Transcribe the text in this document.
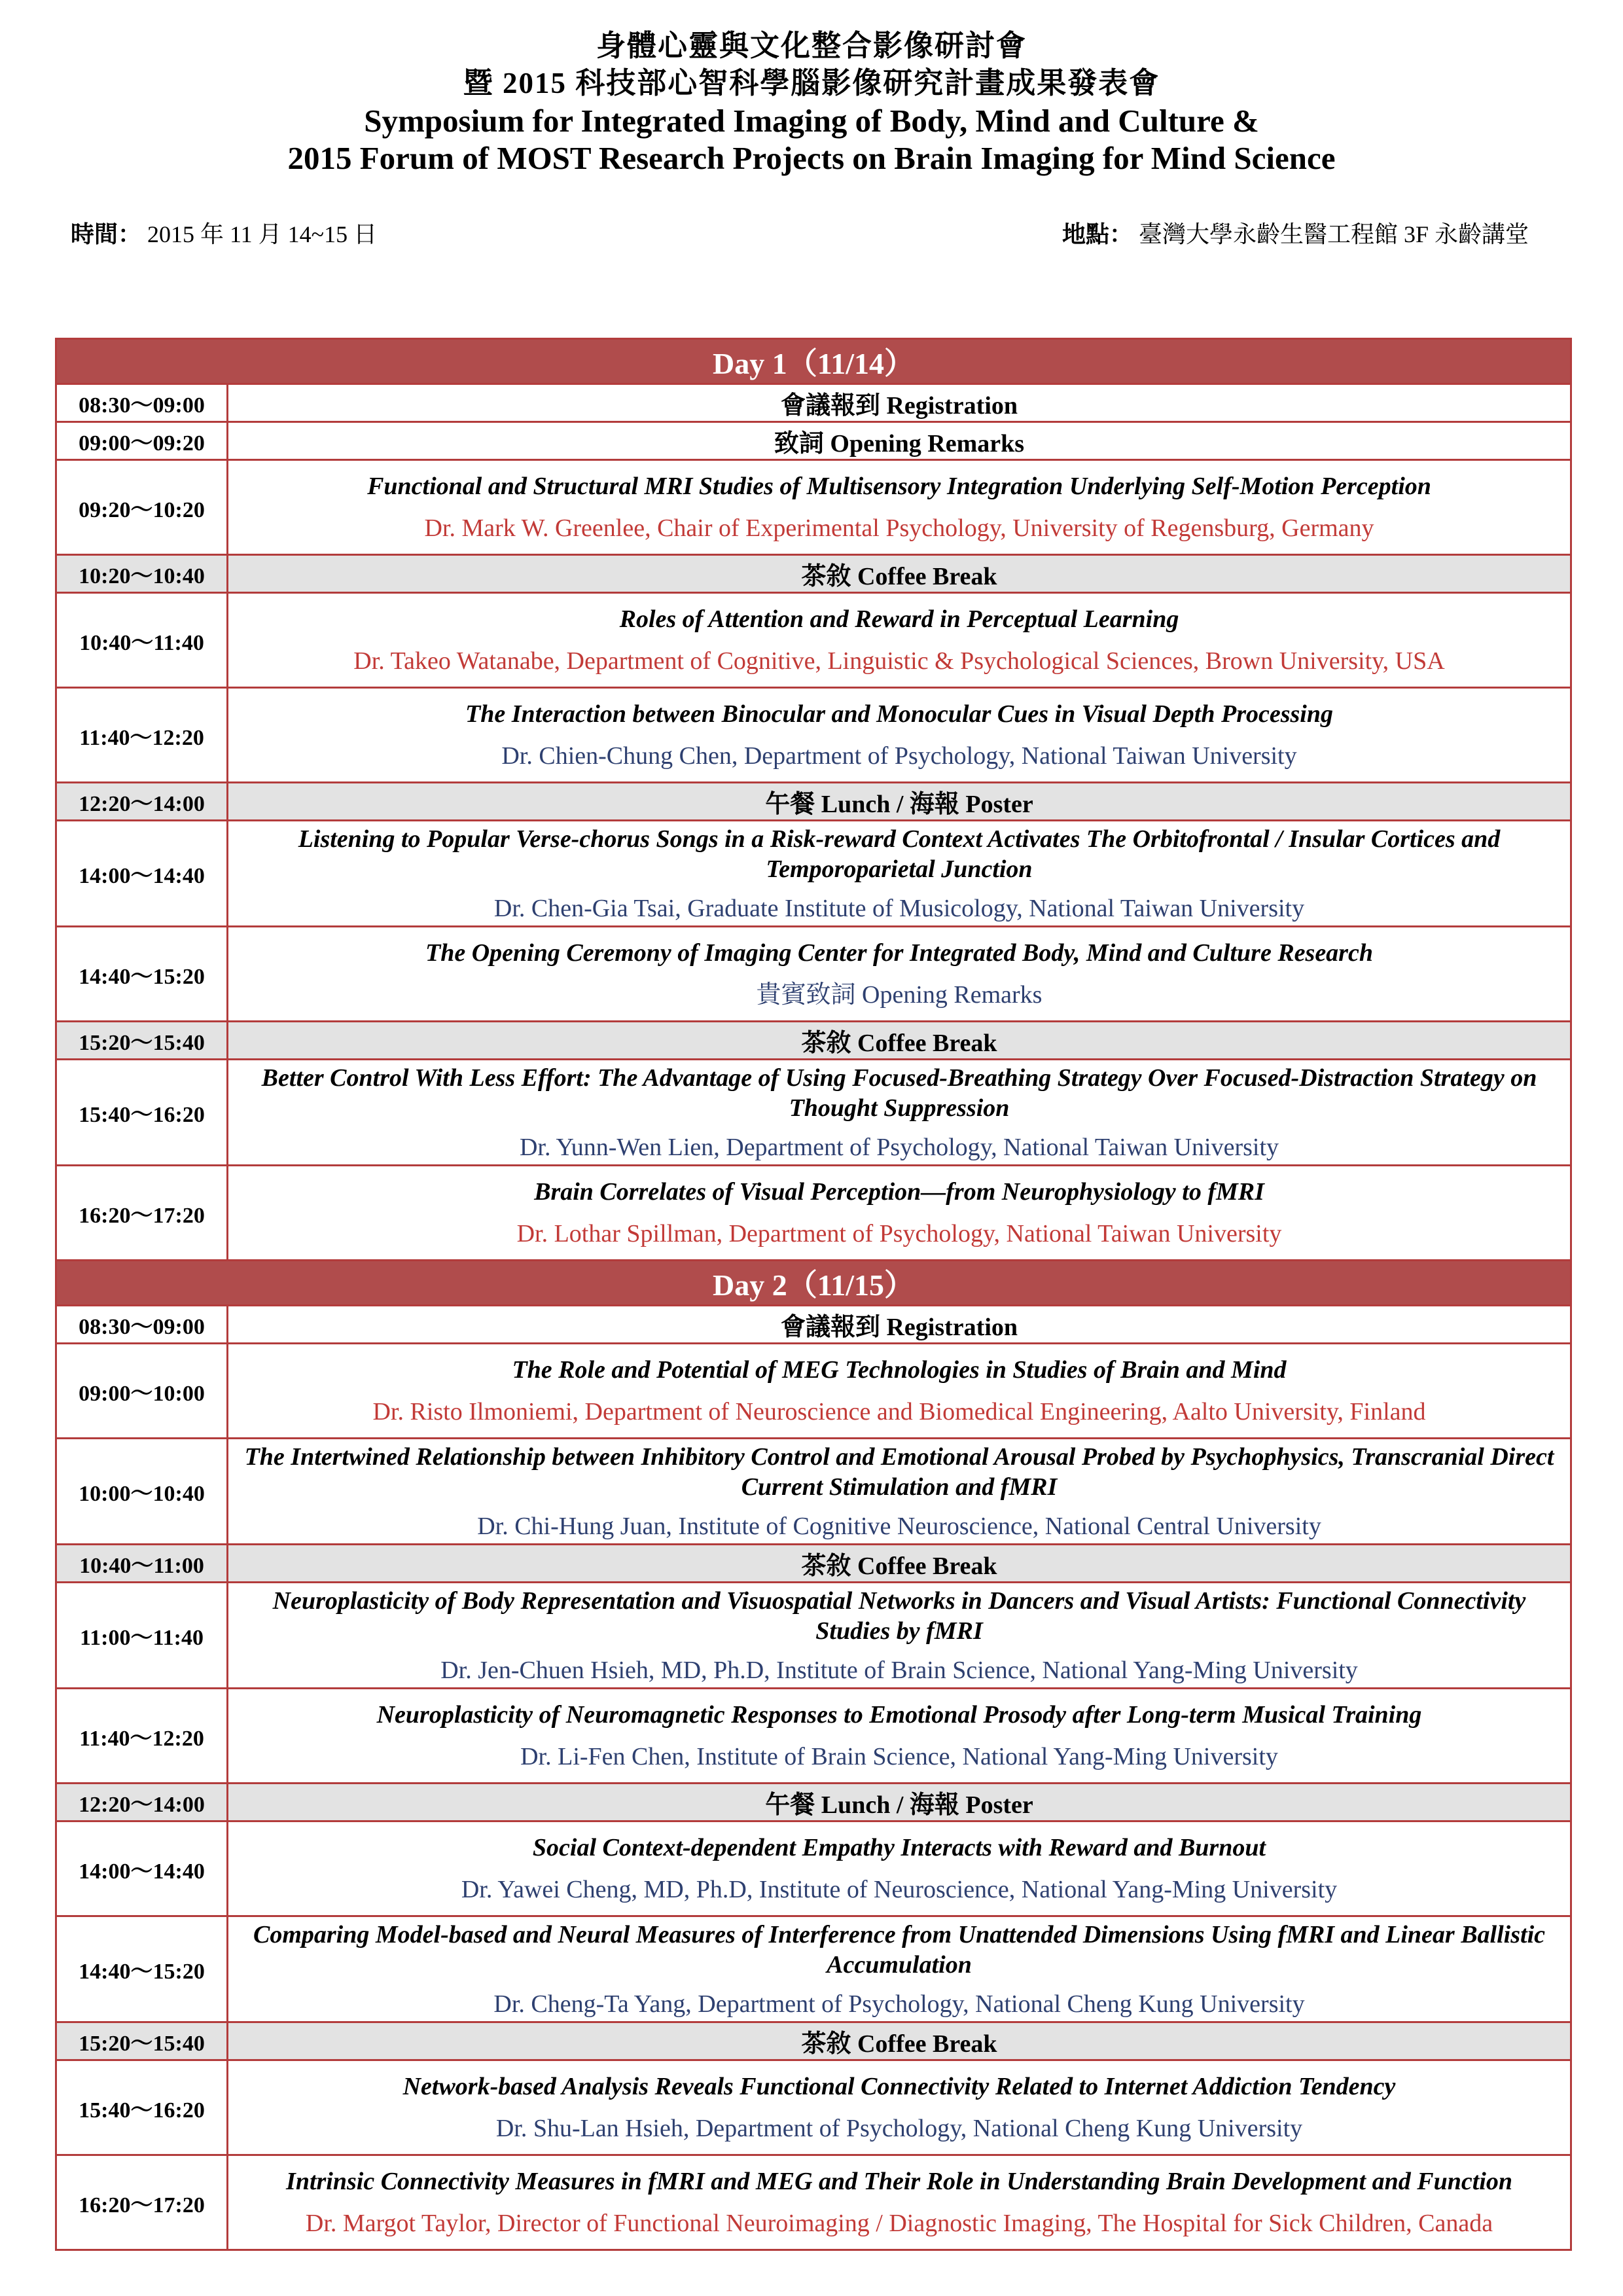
身體心靈與文化整合影像研討會
暨 2015 科技部心智科學腦影像研究計畫成果發表會
Symposium for Integrated Imaging of Body, Mind and Culture &
2015 Forum of MOST Research Projects on Brain Imaging for Mind Science
時間： 2015 年 11 月 14~15 日	地點： 臺灣大學永齡生醫工程館 3F 永齡講堂
Day 1（11/14）	
08:30～09:00	會議報到 Registration
09:00～09:20	致詞 Opening Remarks
09:20～10:20	Functional and Structural MRI Studies of Multisensory Integration Underlying Self-Motion Perception
Dr. Mark W. Greenlee, Chair of Experimental Psychology, University of Regensburg, Germany

10:20～10:40	茶敘 Coffee Break
10:40～11:40	Roles of Attention and Reward in Perceptual Learning
Dr. Takeo Watanabe, Department of Cognitive, Linguistic & Psychological Sciences, Brown University, USA

11:40～12:20	The Interaction between Binocular and Monocular Cues in Visual Depth Processing
Dr. Chien-Chung Chen, Department of Psychology, National Taiwan University

12:20～14:00	午餐 Lunch / 海報 Poster
14:00～14:40	Listening to Popular Verse-chorus Songs in a Risk-reward Context Activates The Orbitofrontal / Insular Cortices and Temporoparietal Junction
Dr. Chen-Gia Tsai, Graduate Institute of Musicology, National Taiwan University

14:40～15:20	The Opening Ceremony of Imaging Center for Integrated Body, Mind and Culture Research
貴賓致詞 Opening Remarks

15:20～15:40	茶敘 Coffee Break
15:40～16:20	Better Control With Less Effort: The Advantage of Using Focused-Breathing Strategy Over Focused-Distraction Strategy on Thought Suppression
Dr. Yunn-Wen Lien, Department of Psychology, National Taiwan University

16:20～17:20	Brain Correlates of Visual Perception—from Neurophysiology to fMRI
Dr. Lothar Spillman, Department of Psychology, National Taiwan University

Day 2（11/15）	
08:30～09:00	會議報到 Registration
09:00～10:00	The Role and Potential of MEG Technologies in Studies of Brain and Mind
Dr. Risto Ilmoniemi, Department of Neuroscience and Biomedical Engineering, Aalto University, Finland

10:00～10:40	The Intertwined Relationship between Inhibitory Control and Emotional Arousal Probed by Psychophysics, Transcranial Direct Current Stimulation and fMRI
Dr. Chi-Hung Juan, Institute of Cognitive Neuroscience, National Central University

10:40～11:00	茶敘 Coffee Break
11:00～11:40	Neuroplasticity of Body Representation and Visuospatial Networks in Dancers and Visual Artists: Functional Connectivity Studies by fMRI
Dr. Jen-Chuen Hsieh, MD, Ph.D, Institute of Brain Science, National Yang-Ming University

11:40～12:20	Neuroplasticity of Neuromagnetic Responses to Emotional Prosody after Long-term Musical Training
Dr. Li-Fen Chen, Institute of Brain Science, National Yang-Ming University

12:20～14:00	午餐 Lunch / 海報 Poster
14:00～14:40	Social Context-dependent Empathy Interacts with Reward and Burnout
Dr. Yawei Cheng, MD, Ph.D, Institute of Neuroscience, National Yang-Ming University

14:40～15:20	Comparing Model-based and Neural Measures of Interference from Unattended Dimensions Using fMRI and Linear Ballistic Accumulation
Dr. Cheng-Ta Yang, Department of Psychology, National Cheng Kung University

15:20～15:40	茶敘 Coffee Break
15:40～16:20	Network-based Analysis Reveals Functional Connectivity Related to Internet Addiction Tendency
Dr. Shu-Lan Hsieh, Department of Psychology, National Cheng Kung University

16:20～17:20	Intrinsic Connectivity Measures in fMRI and MEG and Their Role in Understanding Brain Development and Function
Dr. Margot Taylor, Director of Functional Neuroimaging / Diagnostic Imaging, The Hospital for Sick Children, Canada
